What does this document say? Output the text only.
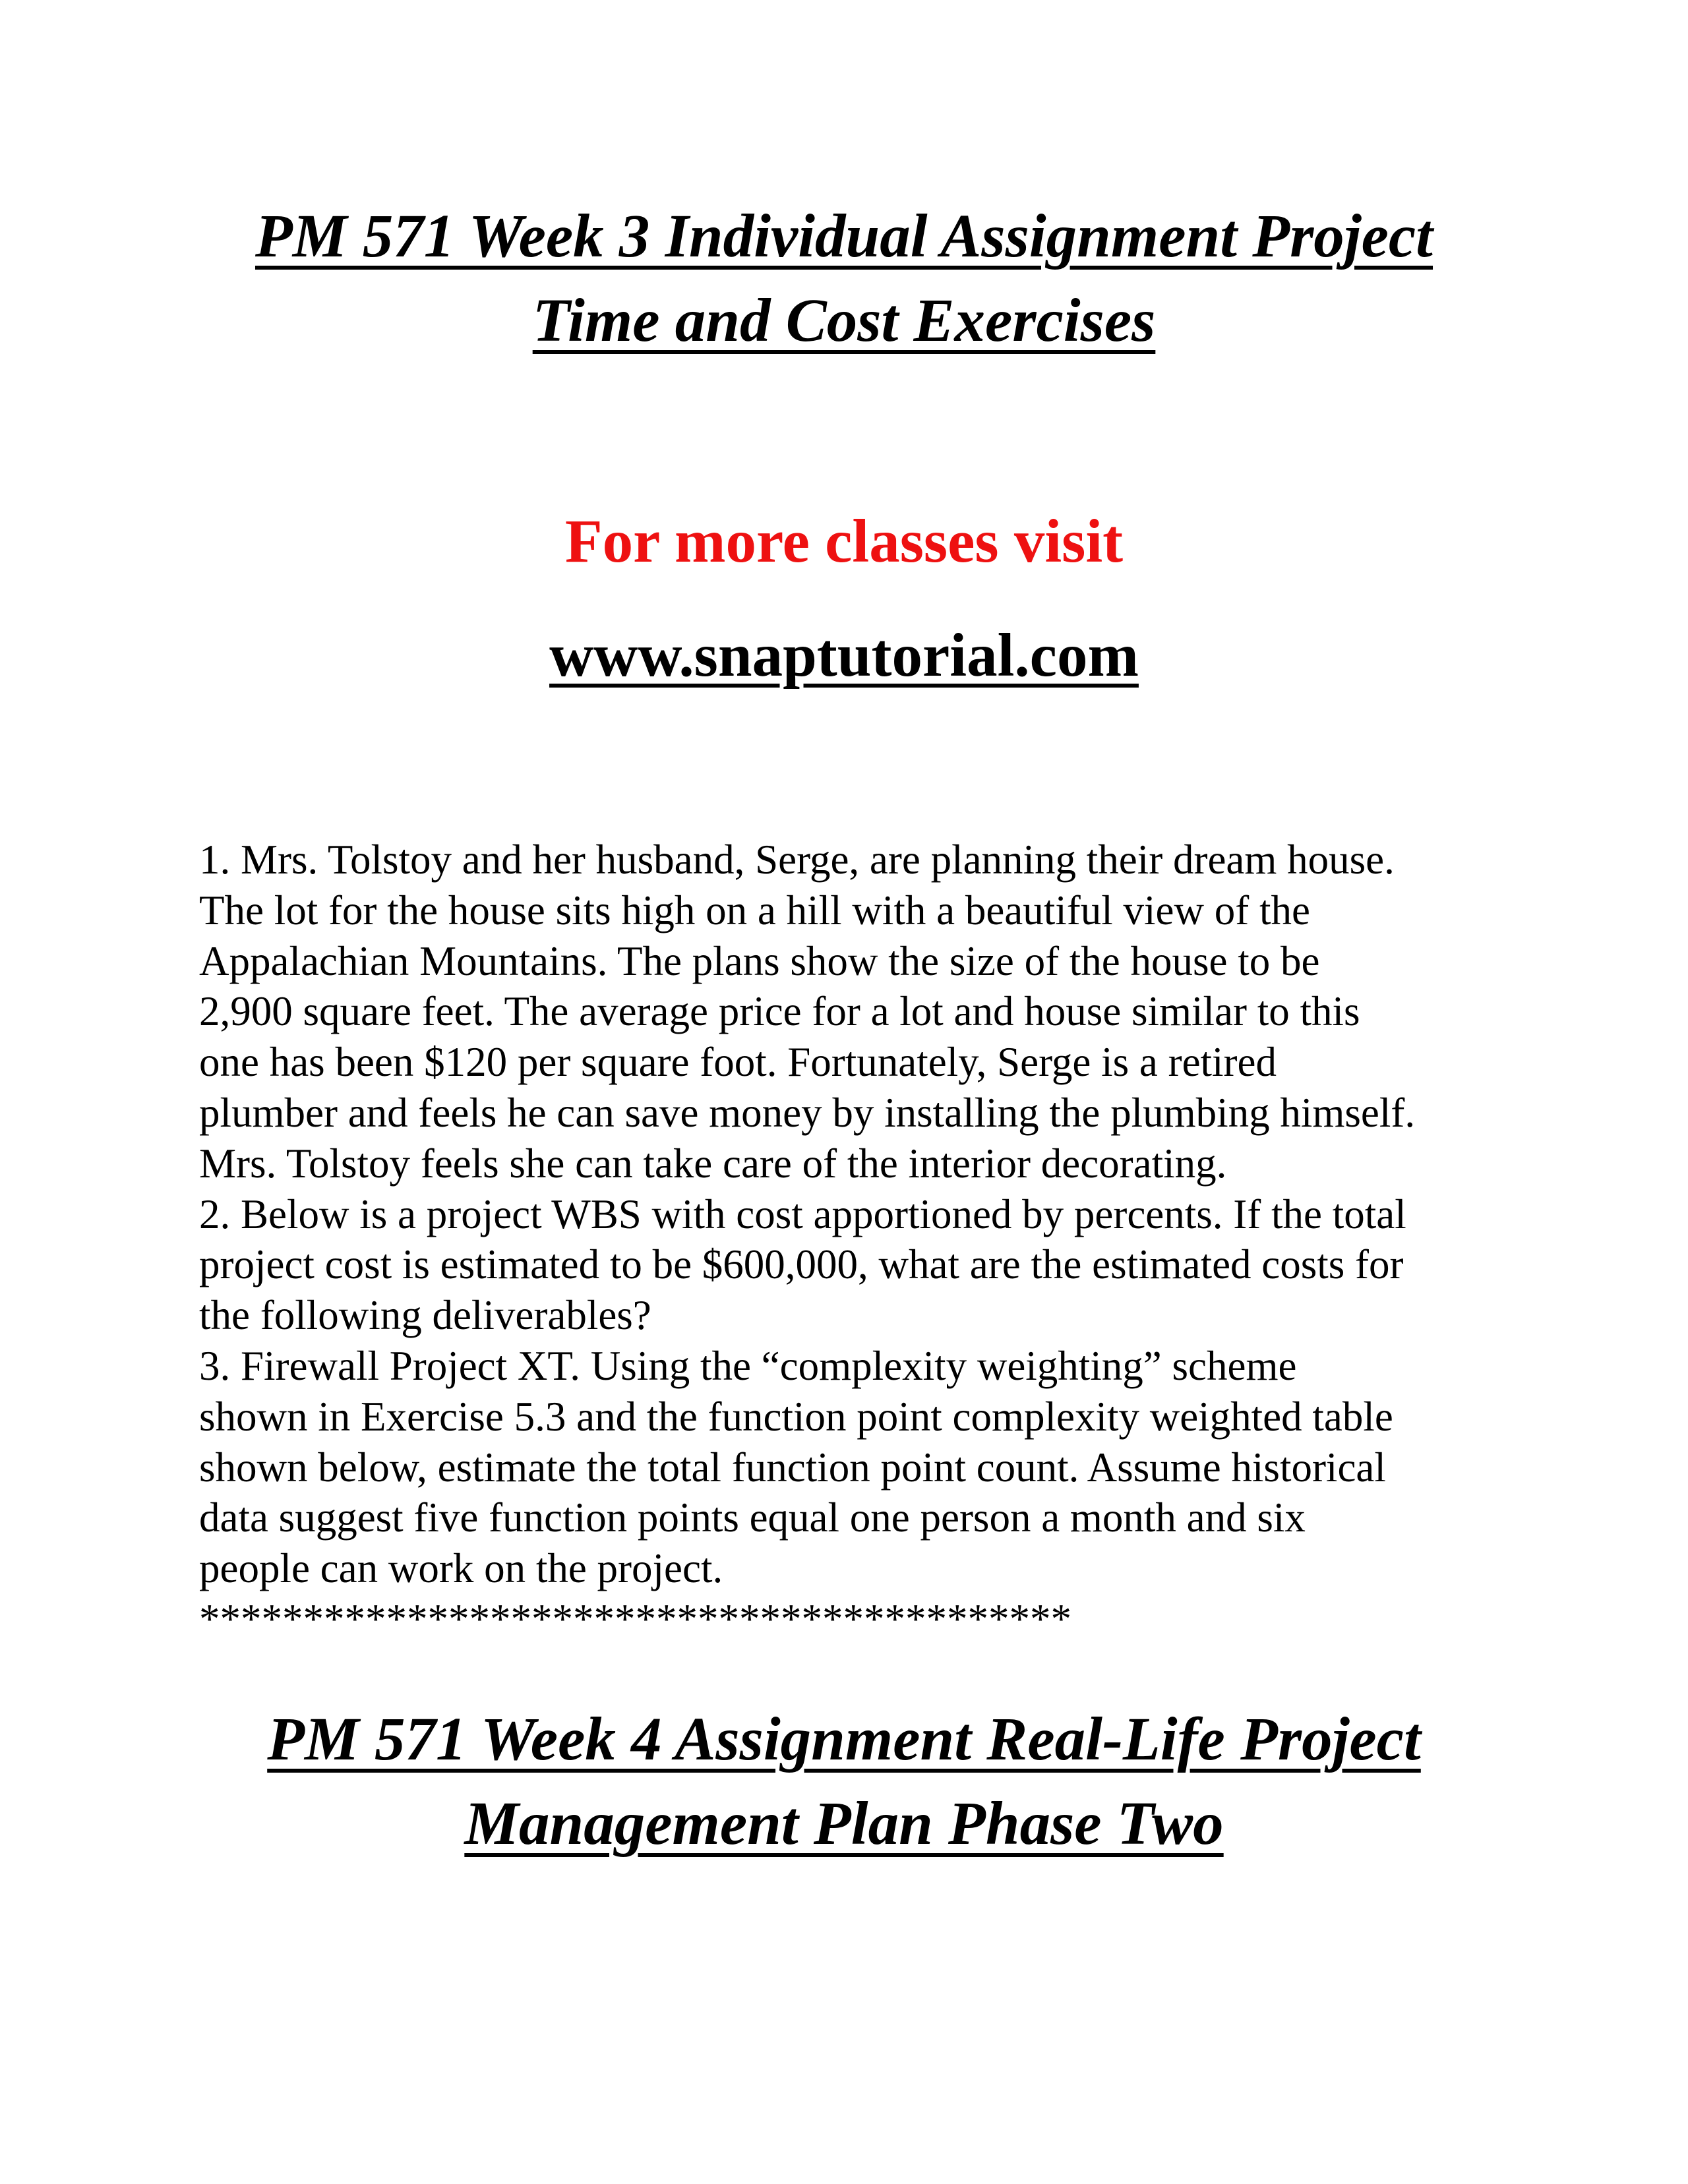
PM 571 Week 3 Individual Assignment Project
Time and Cost Exercises

For more classes visit

www.snaptutorial.com

1. Mrs. Tolstoy and her husband, Serge, are planning their dream house.
The lot for the house sits high on a hill with a beautiful view of the
Appalachian Mountains. The plans show the size of the house to be
2,900 square feet. The average price for a lot and house similar to this
one has been $120 per square foot. Fortunately, Serge is a retired
plumber and feels he can save money by installing the plumbing himself.
Mrs. Tolstoy feels she can take care of the interior decorating.
2. Below is a project WBS with cost apportioned by percents. If the total
project cost is estimated to be $600,000, what are the estimated costs for
the following deliverables?
3. Firewall Project XT. Using the “complexity weighting” scheme
shown in Exercise 5.3 and the function point complexity weighted table
shown below, estimate the total function point count. Assume historical
data suggest five function points equal one person a month and six
people can work on the project.
******************************************
PM 571 Week 4 Assignment Real-Life Project
Management Plan Phase Two
